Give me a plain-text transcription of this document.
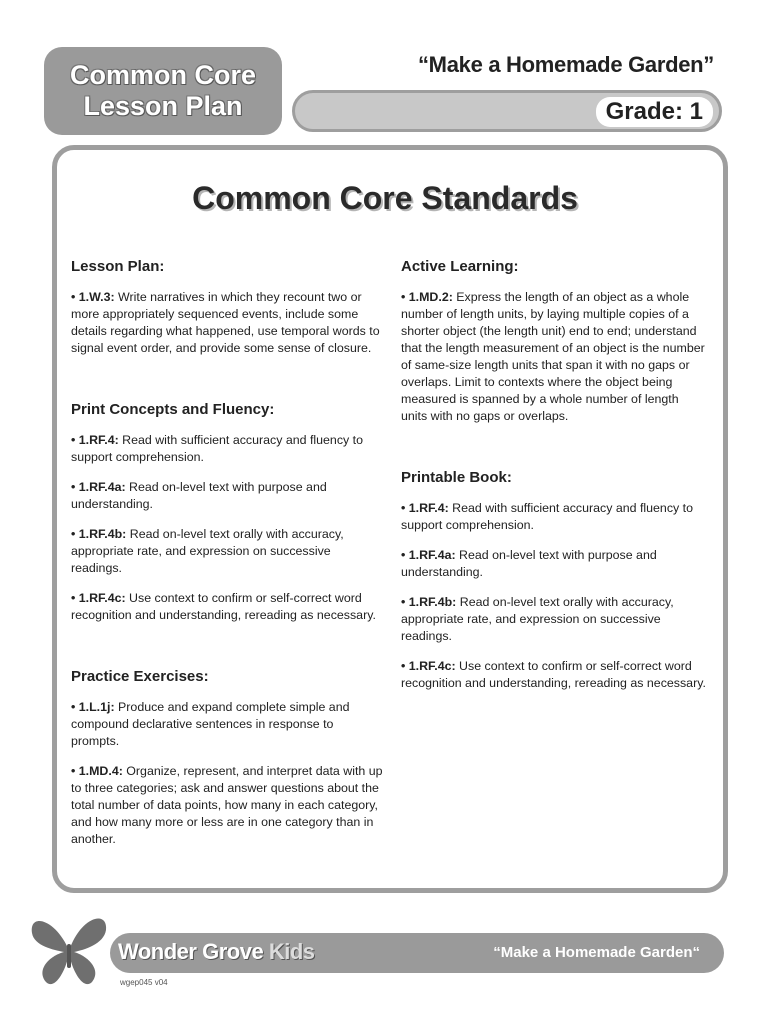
Common Core
Lesson Plan
“Make a Homemade Garden”
Grade: 1
Common Core Standards
Lesson Plan:

• 1.W.3: Write narratives in which they recount two or more appropriately sequenced events, include some details regarding what happened, use temporal words to signal event order, and provide some sense of closure.

Print Concepts and Fluency:

• 1.RF.4: Read with sufficient accuracy and fluency to support comprehension.

• 1.RF.4a: Read on-level text with purpose and understanding.

• 1.RF.4b: Read on-level text orally with accuracy, appropriate rate, and expression on successive readings.

• 1.RF.4c: Use context to confirm or self-correct word recognition and understanding, rereading as necessary.

Practice Exercises:

• 1.L.1j: Produce and expand complete simple and compound declarative sentences in response to prompts.

• 1.MD.4: Organize, represent, and interpret data with up to three categories; ask and answer questions about the total number of data points, how many in each category, and how many more or less are in one category than in another.

Active Learning:

• 1.MD.2: Express the length of an object as a whole number of length units, by laying multiple copies of a shorter object (the length unit) end to end; understand that the length measurement of an object is the number of same-size length units that span it with no gaps or overlaps. Limit to contexts where the object being measured is spanned by a whole number of length units with no gaps or overlaps.

Printable Book:

• 1.RF.4: Read with sufficient accuracy and fluency to support comprehension.

• 1.RF.4a: Read on-level text with purpose and understanding.

• 1.RF.4b: Read on-level text orally with accuracy, appropriate rate, and expression on successive readings.

• 1.RF.4c: Use context to confirm or self-correct word recognition and understanding, rereading as necessary.

Wonder Grove Kids	“Make a Homemade Garden“
wgep045 v04
